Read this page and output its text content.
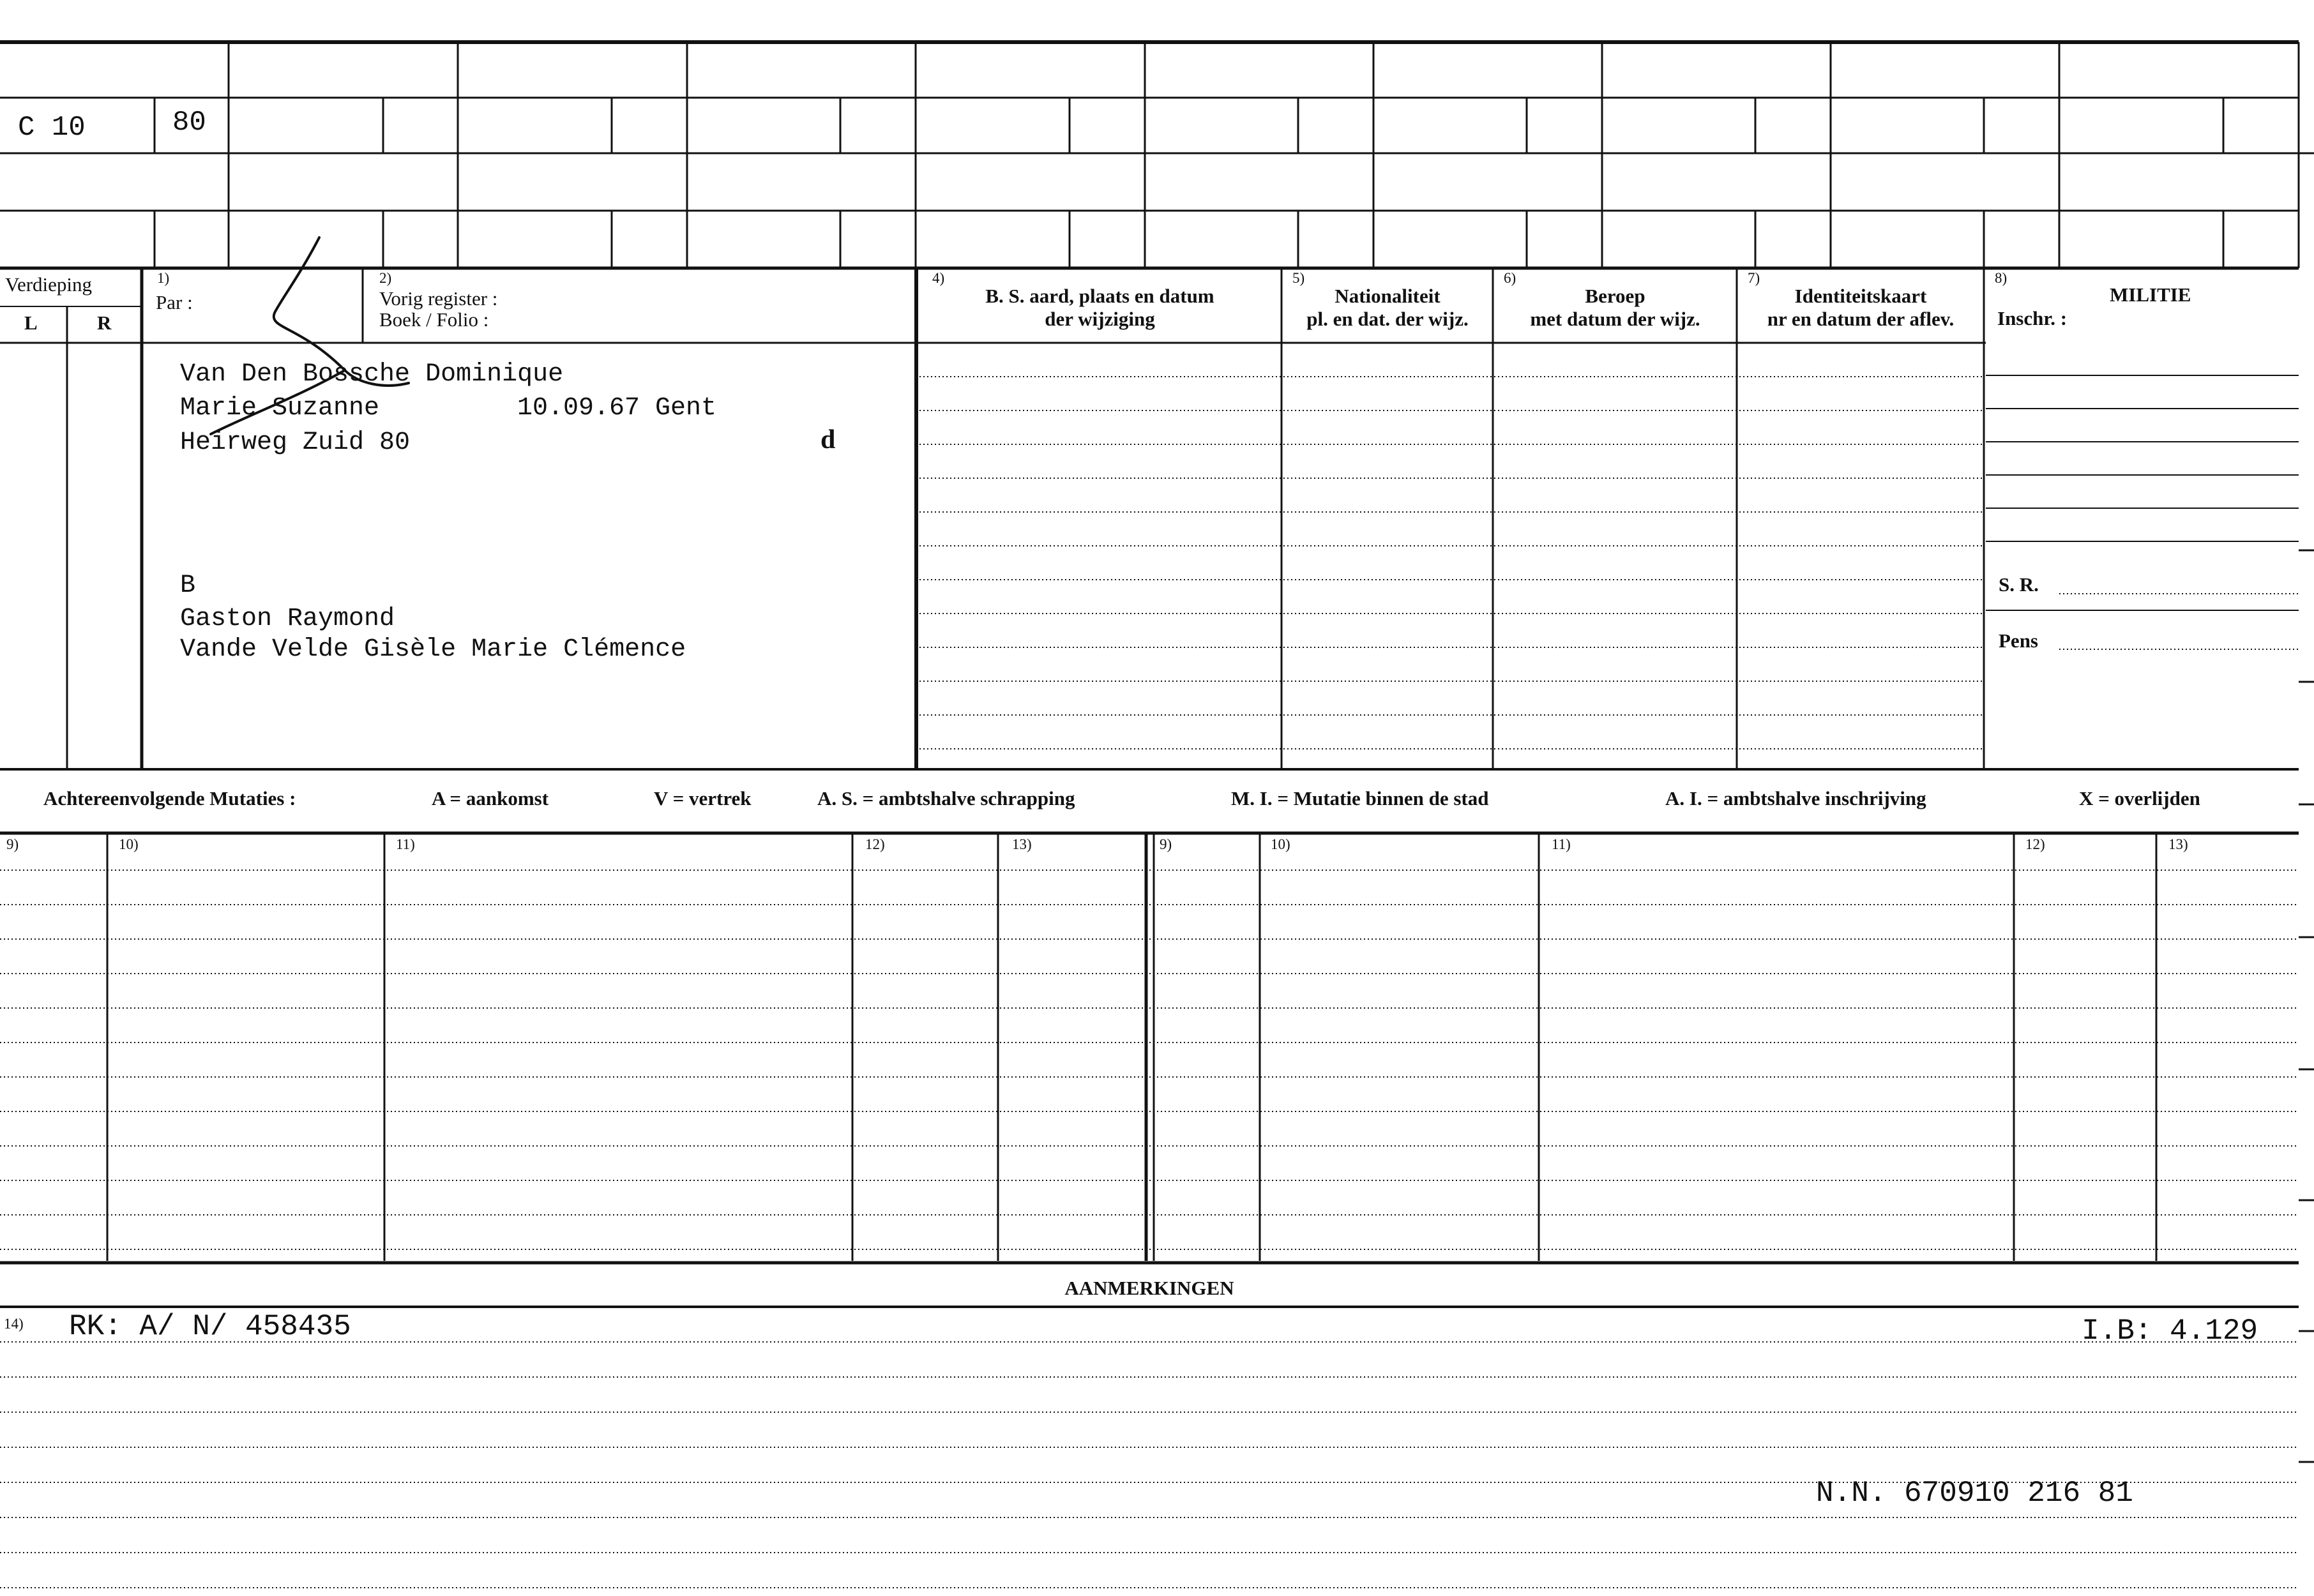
C 10	80
Verdieping
L	R
1)
Par :
2)
Vorig register :
Boek / Folio :
4)
B. S. aard, plaats en datum
der wijziging
5)
Nationaliteit
pl. en dat. der wijz.
6)
Beroep
met datum der wijz.
7)
Identiteitskaart
nr en datum der aflev.
8)
MILITIE
Inschr. :
S. R.
Pens
Van Den Bossche Dominique
Marie Suzanne	10.09.67 Gent
Heirweg Zuid 80	d
B
Gaston Raymond
Vande Velde Gisèle Marie Clémence
Achtereenvolgende Mutaties :	A = aankomst	V = vertrek	A. S. = ambtshalve schrapping	M. I. = Mutatie binnen de stad	A. I. = ambtshalve inschrijving	X = overlijden
9)	10)	11)	12)	13)	9)	10)	11)	12)	13)
AANMERKINGEN
14) RK: A/ N/ 458435	I.B: 4.129
N.N. 670910 216 81
